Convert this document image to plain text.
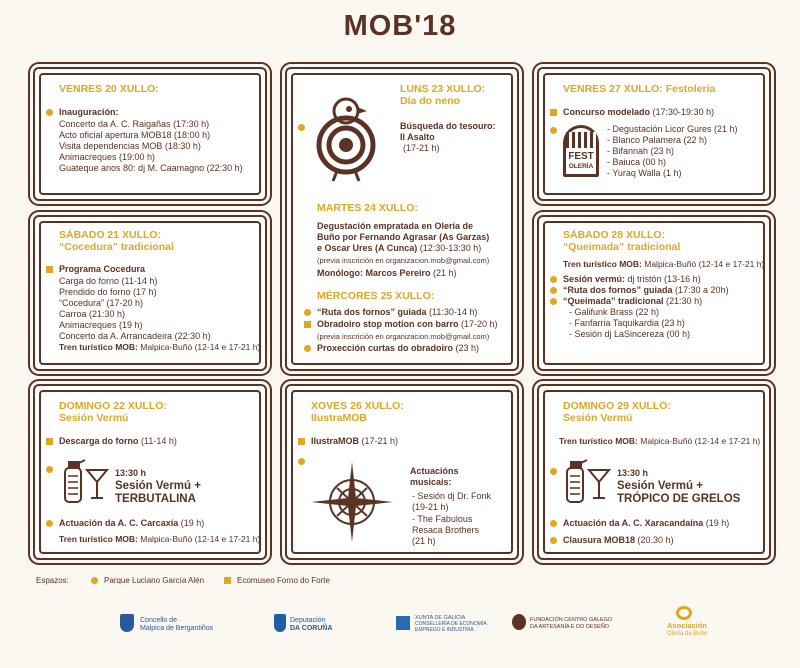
MOB'18
VENRES 20 XULLO:
Inauguración:
Concerto da A. C. Raigañas (17:30 h)
Acto oficial apertura MOB18 (18:00 h)
Visita dependencias MOB (18:30 h)
Animacreques (19:00 h)
Guateque anos 80: dj M. Caamagno (22:30 h)
LUNS 23 XULLO:
Día do neno
Búsqueda do tesouro:
Il Asalto
(17-21 h)
MARTES 24 XULLO:
Degustación empratada en Olería de
Buño por Fernando Agrasar (As Garzas)
e Oscar Ures (A Cunca) (12:30-13:30 h)
(previa inscrición en organizacion.mob@gmail.com)
Monólogo: Marcos Pereiro (21 h)
MÉRCORES 25 XULLO:
“Ruta dos fornos” guiada (11:30-14 h)
Obradoiro stop motion con barro (17-20 h)
(previa inscrición en organizacion.mob@gmail.com)
Proxección curtas do obradoiro (23 h)
VENRES 27 XULLO: Festolería
Concurso modelado (17:30-19:30 h)
FEST
OLERÍA
- Degustación Licor Gures (21 h)
- Blanco Palamera (22 h)
- Bifannah (23 h)
- Baiuca (00 h)
- Yuraq Walla (1 h)
SÁBADO 21 XULLO:
“Cocedura” tradicional
Programa Cocedura
Carga do forno (11-14 h)
Prendido do forno (17 h)
“Cocedura” (17-20 h)
Carroa (21:30 h)
Animacreques (19 h)
Concerto da A. Arrancadeira (22:30 h)
Tren turístico MOB: Malpica-Buñó (12-14 e 17-21 h)
SÁBADO 28 XULLO:
“Queimada” tradicional
Tren turístico MOB: Malpica-Buñó (12-14 e 17-21 h)
Sesión vermú: dj tristón (13-16 h)
“Ruta dos fornos” guiada (17:30 a 20h)
“Queimada” tradicional (21:30 h)
- Galifunk Brass (22 h)
- Fanfarria Taquikardia (23 h)
- Sesión dj LaSincereza (00 h)
DOMINGO 22 XULLO:
Sesión Vermú
Descarga do forno (11-14 h)
13:30 h
Sesión Vermú +
TERBUTALINA
Actuación da A. C. Carcaxía (19 h)
Tren turístico MOB: Malpica-Buñó (12-14 e 17-21 h)
XOVES 26 XULLO:
IlustraMOB
IlustraMOB (17-21 h)
Actuacións
musicais:
- Sesión dj Dr. Fonk
(19-21 h)
- The Fabulous
Resaca Brothers
(21 h)
DOMINGO 29 XULLO:
Sesión Vermú
Tren turístico MOB: Malpica-Buñó (12-14 e 17-21 h)
13:30 h
Sesión Vermú +
TRÓPICO DE GRELOS
Actuación da A. C. Xaracandaina (19 h)
Clausura MOB18 (20.30 h)
Espazos:	Parque Luciano García Alén	Ecomuseo Forno do Forte
Concello de
Malpica de Bergantiños
Deputación
DA CORUÑA
XUNTA DE GALICIA
CONSELLERÍA DE ECONOMÍA
EMPREGO E INDUSTRIA
FUNDACIÓN CENTRO GALEGO
DA ARTESANÍA E DO DESEÑO	Asociación
Olería de Buño
